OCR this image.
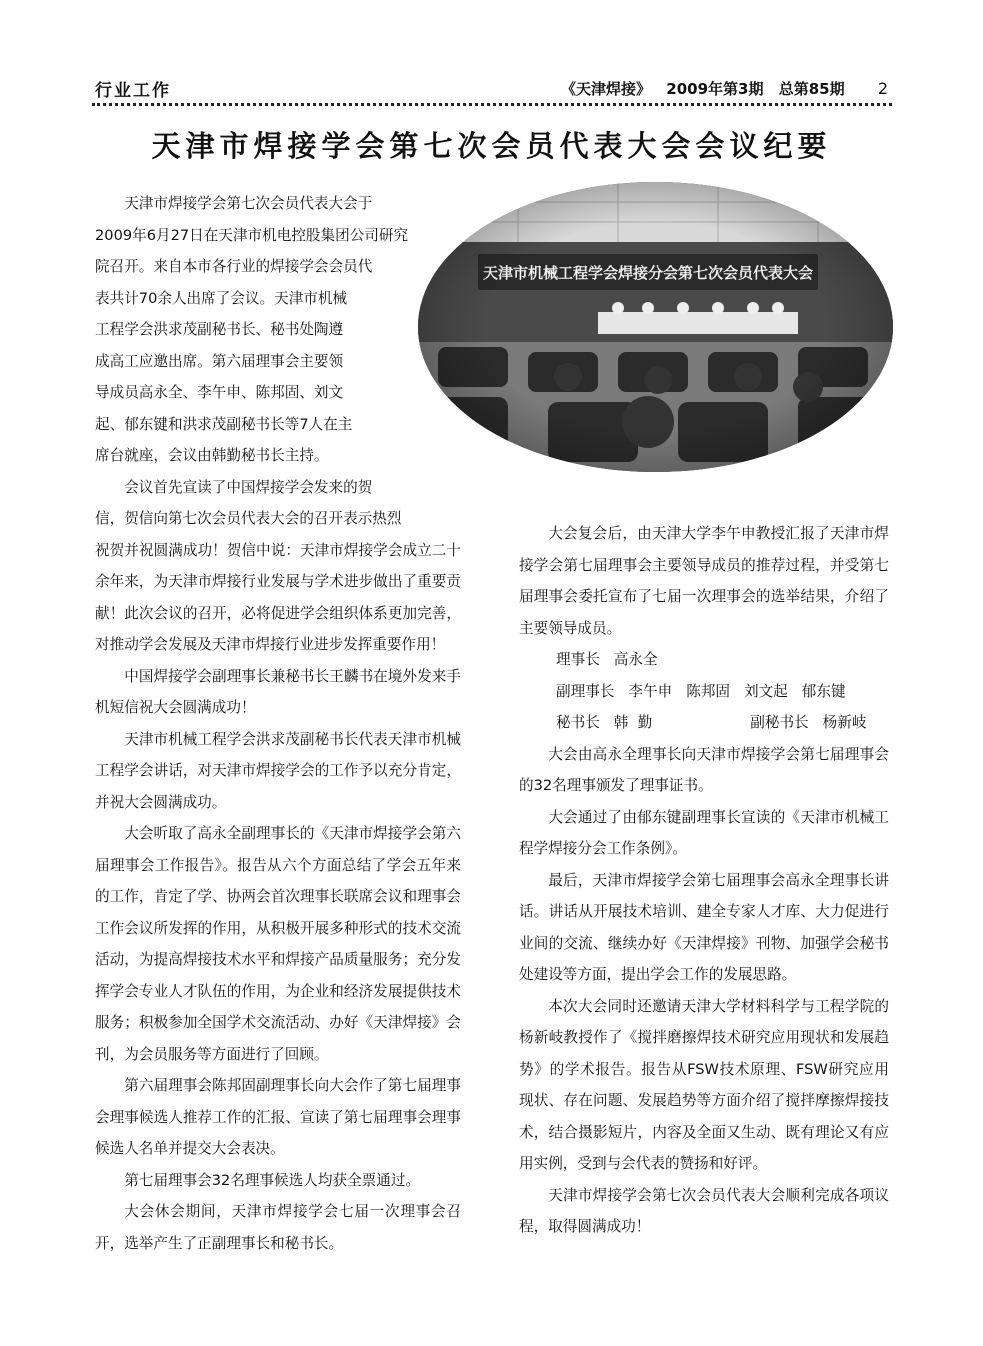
行业工作	《天津焊接》 2009年第3期 总第85期 2
天津市焊接学会第七次会员代表大会会议纪要
天津市焊接学会第七次会员代表大会于
2009年6月27日在天津市机电控股集团公司研究
院召开。来自本市各行业的焊接学会会员代
表共计70余人出席了会议。天津市机械
工程学会洪求茂副秘书长、秘书处陶遵
成高工应邀出席。第六届理事会主要领
导成员高永全、李午申、陈邦固、刘文
起、郁东键和洪求茂副秘书长等7人在主
席台就座，会议由韩勤秘书长主持。
会议首先宣读了中国焊接学会发来的贺
信，贺信向第七次会员代表大会的召开表示热烈

祝贺并祝圆满成功！贺信中说：天津市焊接学会成立二十余年来，为天津市焊接行业发展与学术进步做出了重要贡献！此次会议的召开，必将促进学会组织体系更加完善，对推动学会发展及天津市焊接行业进步发挥重要作用！

中国焊接学会副理事长兼秘书长王麟书在境外发来手机短信祝大会圆满成功！

天津市机械工程学会洪求茂副秘书长代表天津市机械工程学会讲话，对天津市焊接学会的工作予以充分肯定，并祝大会圆满成功。

大会听取了高永全副理事长的《天津市焊接学会第六届理事会工作报告》。报告从六个方面总结了学会五年来的工作，肯定了学、协两会首次理事长联席会议和理事会工作会议所发挥的作用，从积极开展多种形式的技术交流活动，为提高焊接技术水平和焊接产品质量服务；充分发挥学会专业人才队伍的作用，为企业和经济发展提供技术服务；积极参加全国学术交流活动、办好《天津焊接》会刊，为会员服务等方面进行了回顾。

第六届理事会陈邦固副理事长向大会作了第七届理事会理事候选人推荐工作的汇报、宣读了第七届理事会理事候选人名单并提交大会表决。

第七届理事会32名理事候选人均获全票通过。

大会休会期间，天津市焊接学会七届一次理事会召开，选举产生了正副理事长和秘书长。

大会复会后，由天津大学李午申教授汇报了天津市焊接学会第七届理事会主要领导成员的推荐过程，并受第七届理事会委托宣布了七届一次理事会的选举结果，介绍了主要领导成员。

理事长 高永全

副理事长 李午申 陈邦固 刘文起 郁东键

秘书长 韩  勤	副秘书长 杨新岐

大会由高永全理事长向天津市焊接学会第七届理事会的32名理事颁发了理事证书。

大会通过了由郁东键副理事长宣读的《天津市机械工程学焊接分会工作条例》。

最后，天津市焊接学会第七届理事会高永全理事长讲话。讲话从开展技术培训、建全专家人才库、大力促进行业间的交流、继续办好《天津焊接》刊物、加强学会秘书处建设等方面，提出学会工作的发展思路。

本次大会同时还邀请天津大学材料科学与工程学院的杨新岐教授作了《搅拌磨擦焊技术研究应用现状和发展趋势》的学术报告。报告从FSW技术原理、FSW研究应用现状、存在问题、发展趋势等方面介绍了搅拌摩擦焊接技术，结合摄影短片，内容及全面又生动、既有理论又有应用实例，受到与会代表的赞扬和好评。

天津市焊接学会第七次会员代表大会顺利完成各项议程，取得圆满成功！
